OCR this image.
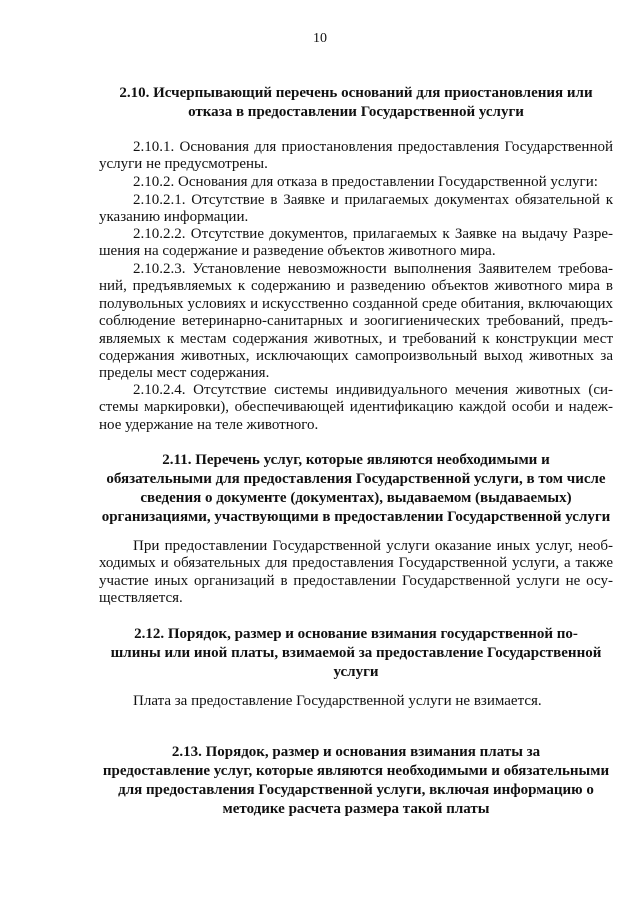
10
2.10. Исчерпывающий перечень оснований для приостановления или
отказа в предоставлении Государственной услуги
2.10.1. Основания для приостановления предоставления Государственной
услуги не предусмотрены.
2.10.2. Основания для отказа в предоставлении Государственной услуги:
2.10.2.1. Отсутствие в Заявке и прилагаемых документах обязательной к
указанию информации.
2.10.2.2. Отсутствие документов, прилагаемых к Заявке на выдачу Разре-
шения на содержание и разведение объектов животного мира.
2.10.2.3. Установление невозможности выполнения Заявителем требова-
ний, предъявляемых к содержанию и разведению объектов животного мира в
полувольных условиях и искусственно созданной среде обитания, включающих
соблюдение ветеринарно-санитарных и зоогигиенических требований, предъ-
являемых к местам содержания животных, и требований к конструкции мест
содержания животных, исключающих самопроизвольный выход животных за
пределы мест содержания.
2.10.2.4. Отсутствие системы индивидуального мечения животных (си-
стемы маркировки), обеспечивающей идентификацию каждой особи и надеж-
ное удержание на теле животного.
2.11. Перечень услуг, которые являются необходимыми и
обязательными для предоставления Государственной услуги, в том числе
сведения о документе (документах), выдаваемом (выдаваемых)
организациями, участвующими в предоставлении Государственной услуги
При предоставлении Государственной услуги оказание иных услуг, необ-
ходимых и обязательных для предоставления Государственной услуги, а также
участие иных организаций в предоставлении Государственной услуги не осу-
ществляется.
2.12. Порядок, размер и основание взимания государственной по-
шлины или иной платы, взимаемой за предоставление Государственной
услуги
Плата за предоставление Государственной услуги не взимается.
2.13. Порядок, размер и основания взимания платы за
предоставление услуг, которые являются необходимыми и обязательными
для предоставления Государственной услуги, включая информацию о
методике расчета размера такой платы
